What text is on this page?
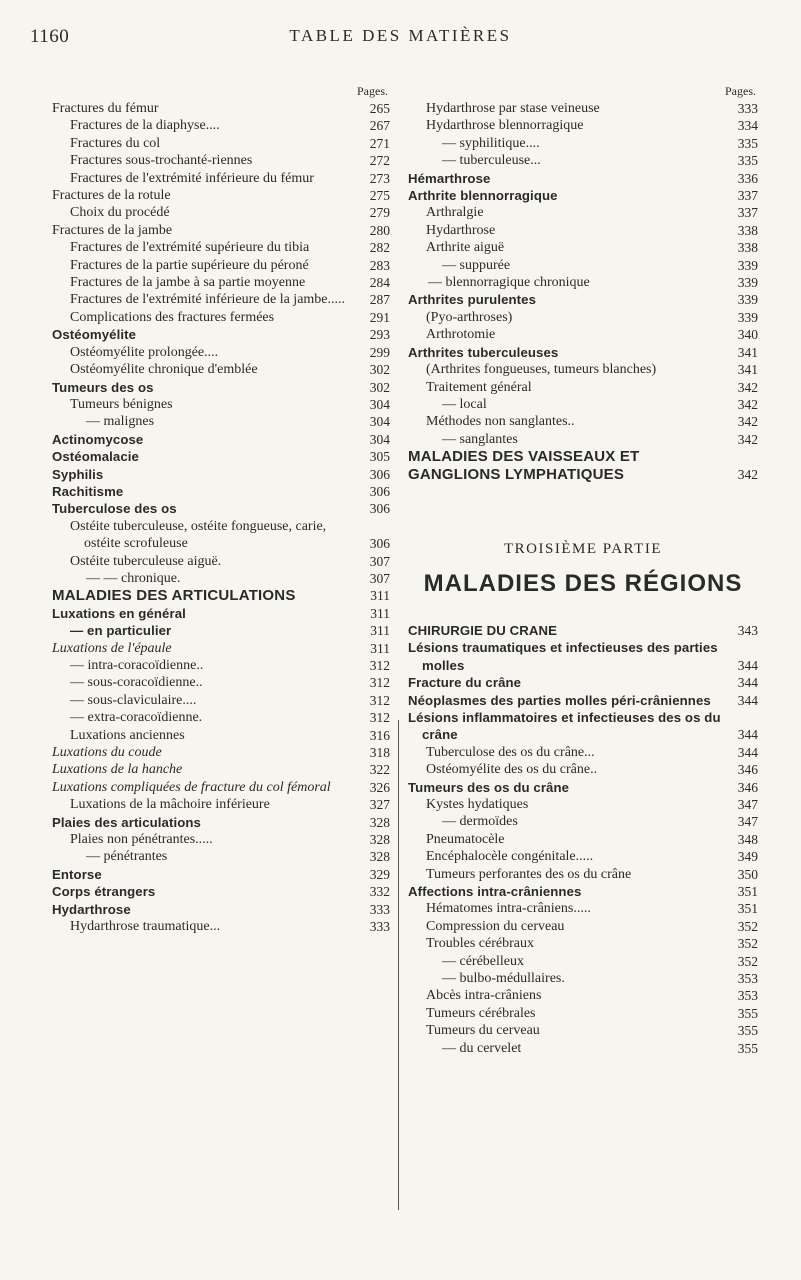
1160	TABLE DES MATIÈRES
Pages.
Fractures du fémur	265
Fractures de la diaphyse....	267
Fractures du col	271
Fractures sous-trochanté-riennes	272
Fractures de l'extrémité inférieure du fémur	273
Fractures de la rotule	275
Choix du procédé	279
Fractures de la jambe	280
Fractures de l'extrémité supérieure du tibia	282
Fractures de la partie supérieure du péroné	283
Fractures de la jambe à sa partie moyenne	284
Fractures de l'extrémité inférieure de la jambe.....	287
Complications des fractures fermées	291
Ostéomyélite	293
Ostéomyélite prolongée....	299
Ostéomyélite chronique d'emblée	302
Tumeurs des os	302
Tumeurs bénignes	304
— malignes	304
Actinomycose	304
Ostéomalacie	305
Syphilis	306
Rachitisme	306
Tuberculose des os	306
Ostéite tuberculeuse, ostéite fongueuse, carie, ostéite scrofuleuse	306
Ostéite tuberculeuse aiguë.	307
— — chronique.	307
MALADIES DES ARTICULATIONS	311
Luxations en général	311
— en particulier	311
Luxations de l'épaule	311
— intra-coracoïdienne..	312
— sous-coracoïdienne..	312
— sous-claviculaire....	312
— extra-coracoïdienne.	312
Luxations anciennes	316
Luxations du coude	318
Luxations de la hanche	322
Luxations compliquées de fracture du col fémoral	326
Luxations de la mâchoire inférieure	327
Plaies des articulations	328
Plaies non pénétrantes.....	328
— pénétrantes	328
Entorse	329
Corps étrangers	332
Hydarthrose	333
Hydarthrose traumatique...	333
Pages.
Hydarthrose par stase veineuse	333
Hydarthrose blennorragique	334
— syphilitique....	335
— tuberculeuse...	335
Hémarthrose	336
Arthrite blennorragique	337
Arthralgie	337
Hydarthrose	338
Arthrite aiguë	338
— suppurée	339
— blennorragique chronique	339
Arthrites purulentes	339
(Pyo-arthroses)	339
Arthrotomie	340
Arthrites tuberculeuses	341
(Arthrites fongueuses, tumeurs blanches)	341
Traitement général	342
— local	342
Méthodes non sanglantes..	342
— sanglantes	342
MALADIES DES VAISSEAUX ET GANGLIONS LYMPHATIQUES	342
TROISIÈME PARTIE
MALADIES DES RÉGIONS
CHIRURGIE DU CRANE	343
Lésions traumatiques et infectieuses des parties molles	344
Fracture du crâne	344
Néoplasmes des parties molles péri-crâniennes	344
Lésions inflammatoires et infectieuses des os du crâne	344
Tuberculose des os du crâne...	344
Ostéomyélite des os du crâne..	346
Tumeurs des os du crâne	346
Kystes hydatiques	347
— dermoïdes	347
Pneumatocèle	348
Encéphalocèle congénitale.....	349
Tumeurs perforantes des os du crâne	350
Affections intra-crâniennes	351
Hématomes intra-crâniens.....	351
Compression du cerveau	352
Troubles cérébraux	352
— cérébelleux	352
— bulbo-médullaires.	353
Abcès intra-crâniens	353
Tumeurs cérébrales	355
Tumeurs du cerveau	355
— du cervelet	355
